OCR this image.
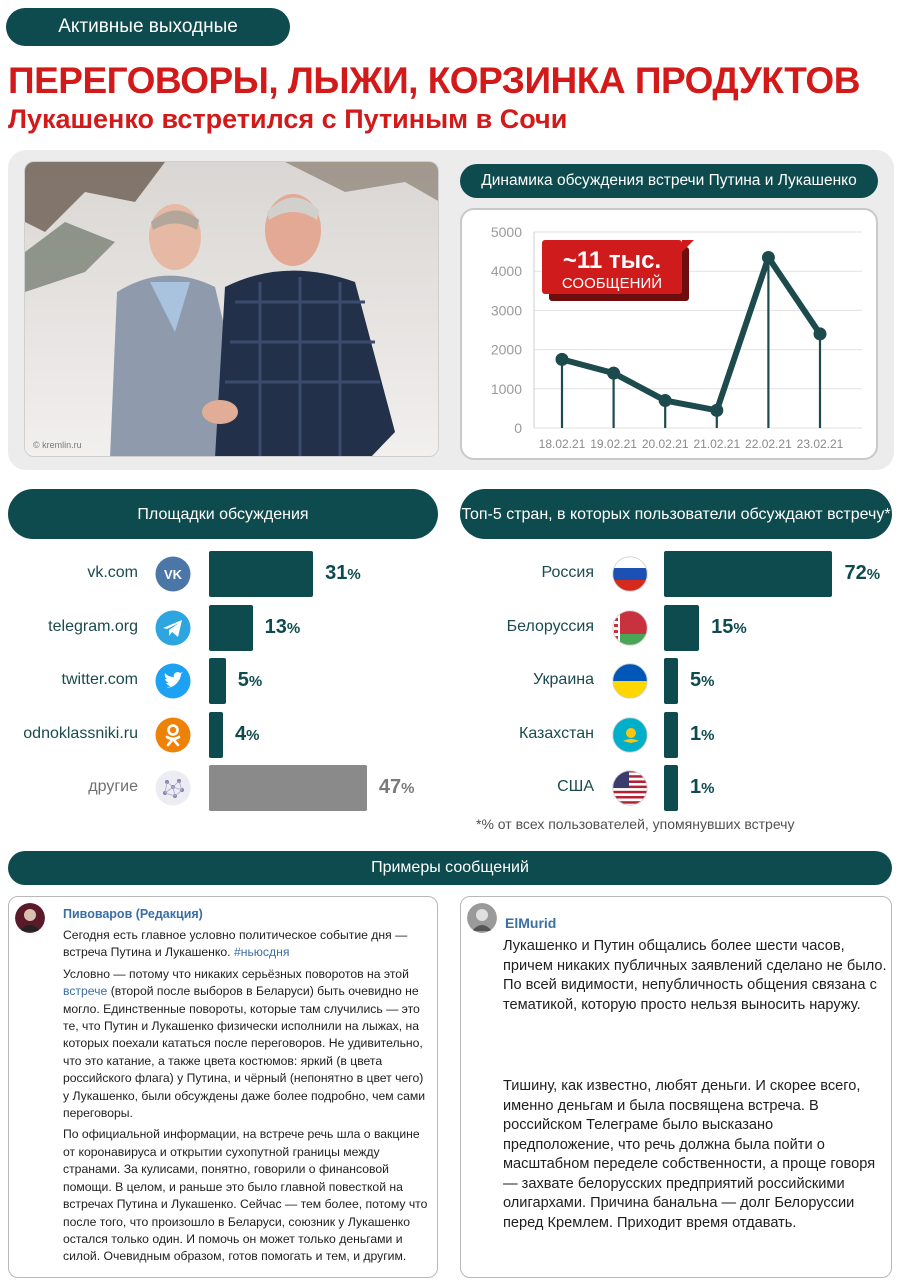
Активные выходные
ПЕРЕГОВОРЫ, ЛЫЖИ, КОРЗИНКА ПРОДУКТОВ
Лукашенко встретился с Путиным в Сочи
© kremlin.ru
Динамика обсуждения встречи Путина и Лукашенко
0
1000
2000
3000
4000
5000
18.02.21 19.02.21 20.02.21 21.02.21 22.02.21 23.02.21
~11 тыс.
СООБЩЕНИЙ
Площадки обсуждения	Топ-5 стран, в которых пользователи обсуждают встречу*
vk.com VK	31%
telegram.org	13%
twitter.com	5%
odnoklassniki.ru	4%
другие	47%
Россия	72%
Белоруссия	15%
Украина	5%
Казахстан	1%
США	1%
*% от всех пользователей, упомянувших встречу
Примеры сообщений
Пивоваров (Редакция)

Сегодня есть главное условно политическое событие дня — встреча Путина и Лукашенко. #ньюсдня

Условно — потому что никаких серьёзных поворотов на этой встрече (второй после выборов в Беларуси) быть очевидно не могло. Единственные повороты, которые там случились — это те, что Путин и Лукашенко физически исполнили на лыжах, на которых поехали кататься после переговоров. Не удивительно, что это катание, а также цвета костюмов: яркий (в цвета российского флага) у Путина, и чёрный (непонятно в цвет чего) у Лукашенко, были обсуждены даже более подробно, чем сами переговоры.

По официальной информации, на встрече речь шла о вакцине от коронавируса и открытии сухопутной границы между странами. За кулисами, понятно, говорили о финансовой помощи. В целом, и раньше это было главной повесткой на встречах Путина и Лукашенко. Сейчас — тем более, потому что после того, что произошло в Беларуси, союзник у Лукашенко остался только один. И помочь он может только деньгами и силой. Очевидным образом, готов помогать и тем, и другим.

ElMurid
Лукашенко и Путин общались более шести часов, причем никаких публичных заявлений сделано не было. По всей видимости, непубличность общения связана с тематикой, которую просто нельзя выносить наружу.
Тишину, как известно, любят деньги. И скорее всего, именно деньгам и была посвящена встреча. В российском Телеграме было высказано предположение, что речь должна была пойти о масштабном переделе собственности, а проще говоря — захвате белорусских предприятий российскими олигархами. Причина банальна — долг Белоруссии перед Кремлем. Приходит время отдавать.
